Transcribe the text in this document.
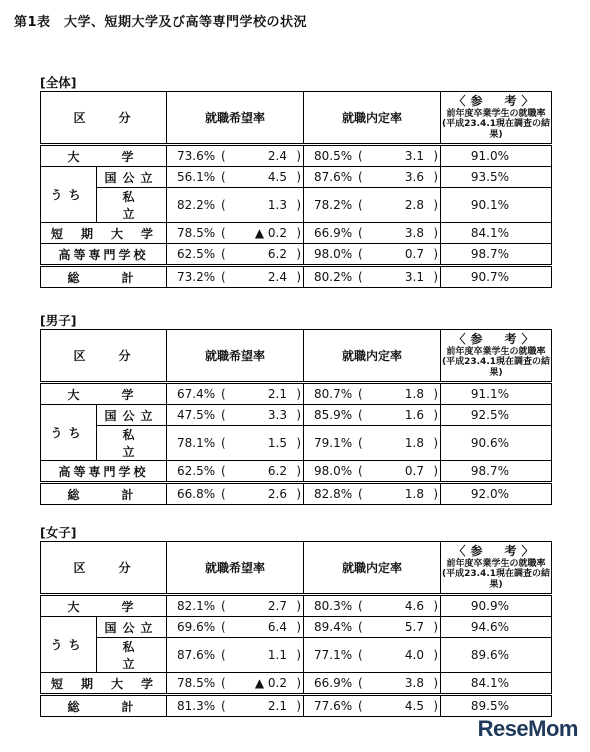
第1表　大学、短期大学及び高等専門学校の状況
[全体]
区　　分		就職希望率	就職内定率	〈参　考〉
前年度卒業学生の就職率
(平成23.4.1現在調査の結果)

大　　学		73.6% ( 2.4 )	80.5% ( 3.1 )	91.0%
うち	国公立	56.1% ( 4.5 )	87.6% ( 3.6 )	93.5%
	私　　立	82.2% ( 1.3 )	78.2% ( 2.8 )	90.1%
短　期　大　学		78.5% ( ▲ 0.2 )	66.9% ( 3.8 )	84.1%
高等専門学校		62.5% ( 6.2 )	98.0% ( 0.7 )	98.7%
総　　計		73.2% ( 2.4 )	80.2% ( 3.1 )	90.7%
[男子]
区　　分		就職希望率	就職内定率	〈参　考〉
前年度卒業学生の就職率
(平成23.4.1現在調査の結果)

大　　学		67.4% ( 2.1 )	80.7% ( 1.8 )	91.1%
うち	国公立	47.5% ( 3.3 )	85.9% ( 1.6 )	92.5%
	私　　立	78.1% ( 1.5 )	79.1% ( 1.8 )	90.6%
高等専門学校		62.5% ( 6.2 )	98.0% ( 0.7 )	98.7%
総　　計		66.8% ( 2.6 )	82.8% ( 1.8 )	92.0%
[女子]
区　　分		就職希望率	就職内定率	〈参　考〉
前年度卒業学生の就職率
(平成23.4.1現在調査の結果)

大　　学		82.1% ( 2.7 )	80.3% ( 4.6 )	90.9%
うち	国公立	69.6% ( 6.4 )	89.4% ( 5.7 )	94.6%
	私　　立	87.6% ( 1.1 )	77.1% ( 4.0 )	89.6%
短　期　大　学		78.5% ( ▲ 0.2 )	66.9% ( 3.8 )	84.1%
総　　計		81.3% ( 2.1 )	77.6% ( 4.5 )	89.5%
ReseMom
